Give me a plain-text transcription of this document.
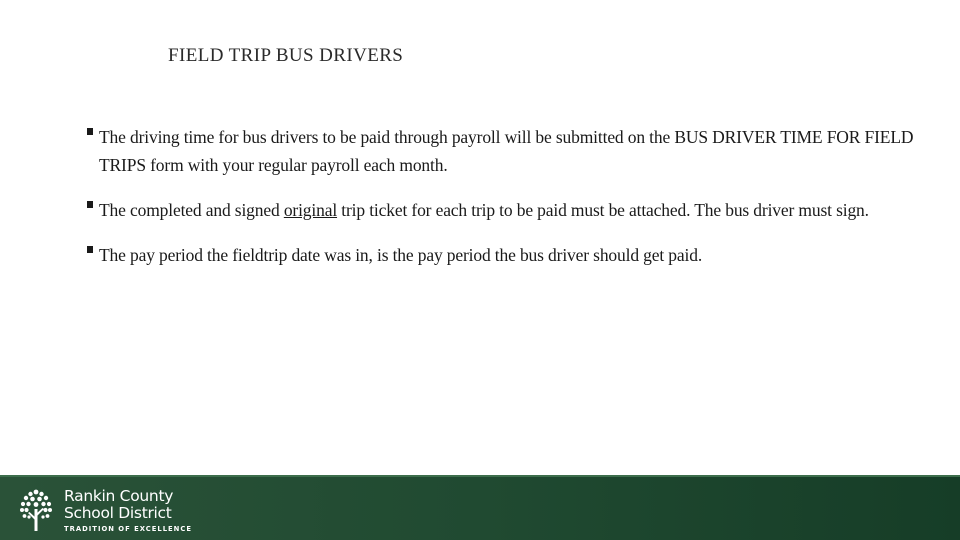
FIELD TRIP BUS DRIVERS
The driving time for bus drivers to be paid through payroll will be submitted on the BUS DRIVER TIME FOR FIELD TRIPS form with your regular payroll each month.
The completed and signed original trip ticket for each trip to be paid must be attached. The bus driver must sign.
The pay period the fieldtrip date was in, is the pay period the bus driver should get paid.
Rankin County
School District
TRADITION OF EXCELLENCE
